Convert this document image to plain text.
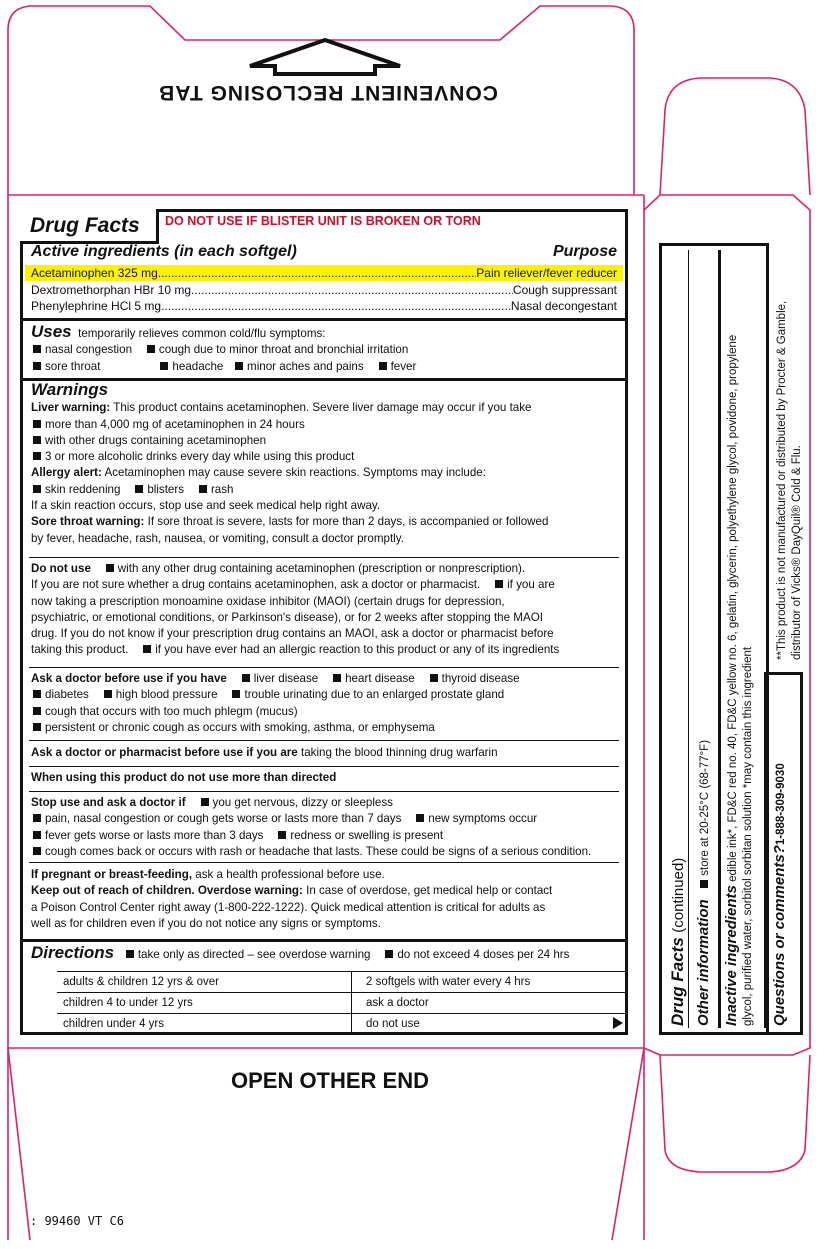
CONVENIENT RECLOSING TAB
Drug Facts DO NOT USE IF BLISTER UNIT IS BROKEN OR TORN
Active ingredients (in each softgel)	Purpose
Acetaminophen 325 mg .....	Pain reliever/fever reducer
Dextromethorphan HBr 10 mg .....	Cough suppressant
Phenylephrine HCl 5 mg .....	Nasal decongestant
Uses temporarily relieves common cold/flu symptoms:
nasal congestion cough due to minor throat and bronchial irritation
sore throat	headache minor aches and pains fever
Warnings
Liver warning: This product contains acetaminophen. Severe liver damage may occur if you take
more than 4,000 mg of acetaminophen in 24 hours
with other drugs containing acetaminophen
3 or more alcoholic drinks every day while using this product
Allergy alert: Acetaminophen may cause severe skin reactions. Symptoms may include:
skin reddening blisters rash
If a skin reaction occurs, stop use and seek medical help right away.
Sore throat warning: If sore throat is severe, lasts for more than 2 days, is accompanied or followed
by fever, headache, rash, nausea, or vomiting, consult a doctor promptly.
Do not use with any other drug containing acetaminophen (prescription or nonprescription).
If you are not sure whether a drug contains acetaminophen, ask a doctor or pharmacist. if you are
now taking a prescription monoamine oxidase inhibitor (MAOI) (certain drugs for depression,
psychiatric, or emotional conditions, or Parkinson's disease), or for 2 weeks after stopping the MAOI
drug. If you do not know if your prescription drug contains an MAOI, ask a doctor or pharmacist before
taking this product. if you have ever had an allergic reaction to this product or any of its ingredients
Ask a doctor before use if you have liver disease heart disease thyroid disease
diabetes high blood pressure trouble urinating due to an enlarged prostate gland
cough that occurs with too much phlegm (mucus)
persistent or chronic cough as occurs with smoking, asthma, or emphysema
Ask a doctor or pharmacist before use if you are taking the blood thinning drug warfarin
When using this product do not use more than directed
Stop use and ask a doctor if you get nervous, dizzy or sleepless
pain, nasal congestion or cough gets worse or lasts more than 7 days new symptoms occur
fever gets worse or lasts more than 3 days redness or swelling is present
cough comes back or occurs with rash or headache that lasts. These could be signs of a serious condition.
If pregnant or breast-feeding, ask a health professional before use.
Keep out of reach of children. Overdose warning: In case of overdose, get medical help or contact
a Poison Control Center right away (1-800-222-1222). Quick medical attention is critical for adults as
well as for children even if you do not notice any signs or symptoms.
Directions take only as directed – see overdose warning do not exceed 4 doses per 24 hrs
adults & children 12 yrs & over	2 softgels with water every 4 hrs
children 4 to under 12 yrs	ask a doctor
children under 4 yrs	do not use
OPEN OTHER END
: 99460 VT C6
Drug Facts (continued)
Other information   store at 20-25°C (68-77°F)
Inactive ingredients edible ink*, FD&C red no. 40, FD&C yellow no. 6, gelatin, glycerin, polyethylene glycol, povidone, propylene glycol, purified water, sorbitol sorbitan solution *may contain this ingredient Questions or comments?1-888-309-9030
**This product is not manufactured or distributed by Procter & Gamble, distributor of Vicks® DayQuil® Cold & Flu.
